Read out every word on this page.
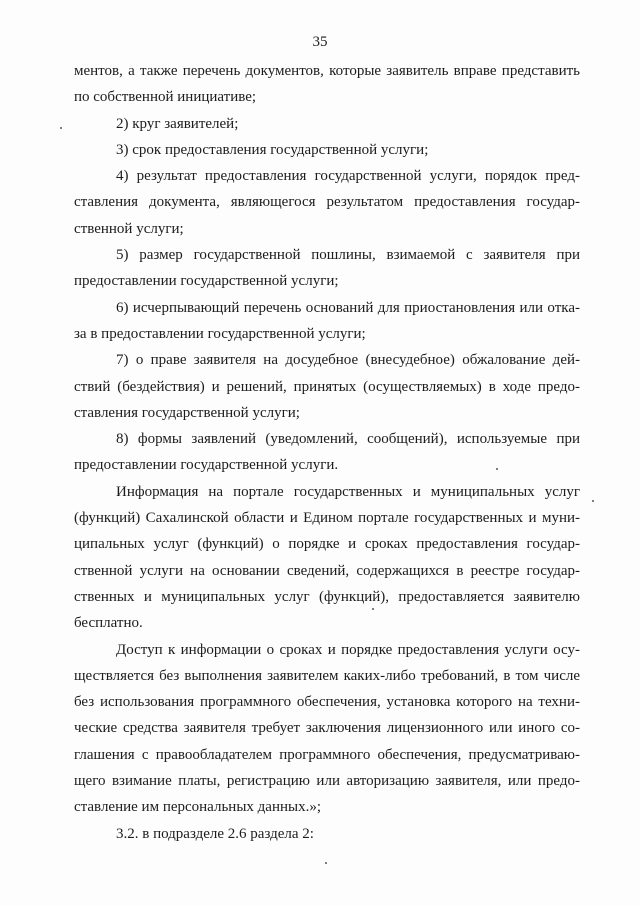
35
ментов, а также перечень документов, которые заявитель вправе представить
по собственной инициативе;
2) круг заявителей;
3) срок предоставления государственной услуги;
4) результат предоставления государственной услуги, порядок пред-
ставления документа, являющегося результатом предоставления государ-
ственной услуги;
5) размер государственной пошлины, взимаемой с заявителя при
предоставлении государственной услуги;
6) исчерпывающий перечень оснований для приостановления или отка-
за в предоставлении государственной услуги;
7) о праве заявителя на досудебное (внесудебное) обжалование дей-
ствий (бездействия) и решений, принятых (осуществляемых) в ходе предо-
ставления государственной услуги;
8) формы заявлений (уведомлений, сообщений), используемые при
предоставлении государственной услуги.
Информация на портале государственных и муниципальных услуг
(функций) Сахалинской области и Едином портале государственных и муни-
ципальных услуг (функций) о порядке и сроках предоставления государ-
ственной услуги на основании сведений, содержащихся в реестре государ-
ственных и муниципальных услуг (функций), предоставляется заявителю
бесплатно.
Доступ к информации о сроках и порядке предоставления услуги осу-
ществляется без выполнения заявителем каких-либо требований, в том числе
без использования программного обеспечения, установка которого на техни-
ческие средства заявителя требует заключения лицензионного или иного со-
глашения с правообладателем программного обеспечения, предусматриваю-
щего взимание платы, регистрацию или авторизацию заявителя, или предо-
ставление им персональных данных.»;
3.2. в подразделе 2.6 раздела 2:
